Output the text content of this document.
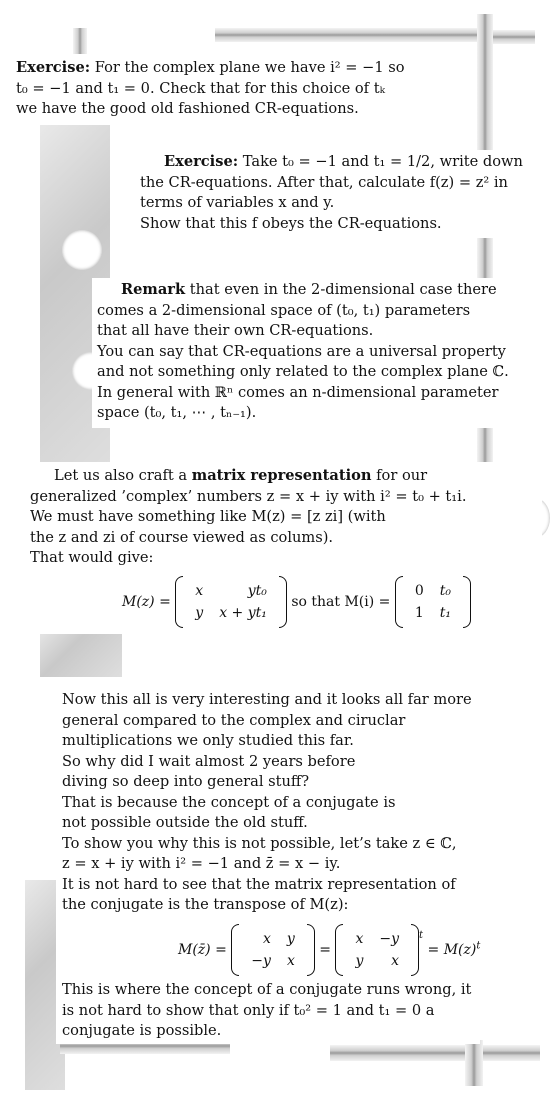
Exercise: For the complex plane we have i² = −1 so

t₀ = −1 and t₁ = 0. Check that for this choice of tₖ

we have the good old fashioned CR-equations.

Exercise: Take t₀ = −1 and t₁ = 1/2, write down

the CR-equations. After that, calculate f(z) = z² in

terms of variables x and y.

Show that this f obeys the CR-equations.

Remark that even in the 2-dimensional case there

comes a 2-dimensional space of (t₀, t₁) parameters

that all have their own CR-equations.

You can say that CR-equations are a universal property

and not something only related to the complex plane ℂ.

In general with ℝⁿ comes an n-dimensional parameter

space (t₀, t₁, ⋯ , tₙ₋₁).

Let us also craft a matrix representation for our

generalized ’complex’ numbers z = x + iy with i² = t₀ + t₁i.

We must have something like M(z) = [z zi] (with

the z and zi of course viewed as colums).

That would give:

M(z) =
x	yt₀
y	x + yt₁
so that M(i) =
0	t₀
1	t₁

Now this all is very interesting and it looks all far more

general compared to the complex and ciruclar

multiplications we only studied this far.

So why did I wait almost 2 years before

diving so deep into general stuff?

That is because the concept of a conjugate is

not possible outside the old stuff.

To show you why this is not possible, let’s take z ∈ ℂ,

z = x + iy with i² = −1 and z̄ = x − iy.

It is not hard to see that the matrix representation of

the conjugate is the transpose of M(z):

M(z̄) =
x	y
−y	x
=
x	−y
y	x
$^t = M(z)^t$

This is where the concept of a conjugate runs wrong, it

is not hard to show that only if t₀² = 1 and t₁ = 0 a

conjugate is possible.
